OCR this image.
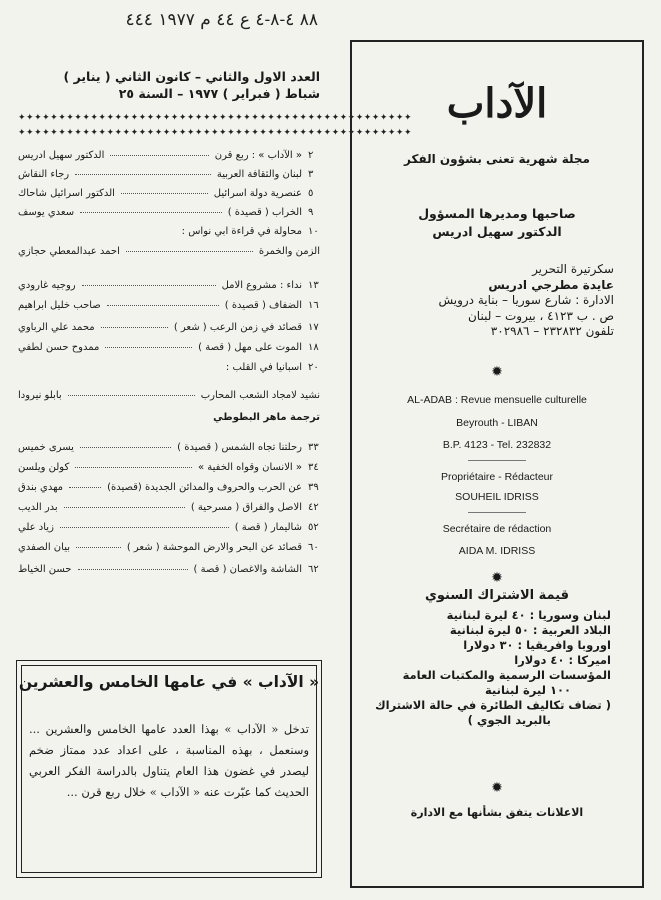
٨٨ ٤-٨-٤ ع ٤٤ م ١٩٧٧ ٤٤٤
العدد الاول والثاني – كانون الثاني ( يناير )
شباط ( فبراير ) ١٩٧٧ – السنة ٢٥
✦✦✦✦✦✦✦✦✦✦✦✦✦✦✦✦✦✦✦✦✦✦✦✦✦✦✦✦✦✦✦✦✦✦✦✦✦✦✦✦✦✦✦✦✦✦✦✦✦
✦✦✦✦✦✦✦✦✦✦✦✦✦✦✦✦✦✦✦✦✦✦✦✦✦✦✦✦✦✦✦✦✦✦✦✦✦✦✦✦✦✦✦✦✦✦✦✦✦
٢
« الآداب » : ربع قرن
الدكتور سهيل ادريس
٣
لبنان والثقافة العربية
رجاء النقاش
٥
عنصرية دولة اسرائيل
الدكتور اسرائيل شاحاك
٩
الخراب ( قصيدة )
سعدي يوسف
١٠
محاولة في قراءة ابي نواس :
الزمن والخمرة
احمد عبدالمعطي حجازي
١٣
نداء : مشروع الامل
روجيه غارودي
١٦
الضفاف ( قصيدة )
صاحب خليل ابراهيم
١٧
قصائد في زمن الرعب ( شعر )
محمد علي الرباوي
١٨
الموت على مهل ( قصة )
ممدوح حسن لطفي
٢٠
اسبانيا في القلب :
نشيد لامجاد الشعب المحارب
بابلو نيرودا
ترجمة ماهر البطوطي
٣٣
رحلتنا تجاه الشمس ( قصيدة )
يسرى خميس
٣٤
« الانسان وقواه الخفية »
كولن ويلسن
٣٩
عن الحرب والحروف والمدائن الجديدة (قصيدة)
مهدي بندق
٤٢
الاصل والفراق ( مسرحية )
بدر الديب
٥٢
شاليمار ( قصة )
زياد علي
٦٠
قصائد عن البحر والارض الموحشة ( شعر )
بيان الصفدي
٦٢
الشاشة والاغصان ( قصة )
حسن الخياط
« الآداب » في عامها الخامس والعشرين
تدخل « الآداب » بهذا العدد عامها الخامس والعشرين ... وسنعمل ، بهذه المناسبة ، على اعداد عدد ممتاز ضخم ليصدر في غضون هذا العام يتناول بالدراسة الفكر العربي الحديث كما عبّرت عنه « الآداب » خلال ربع قرن ...
الآداب
مجلة شهرية تعنى بشؤون الفكر
صاحبها ومديرها المسؤول
الدكتور سهيل ادريس
سكرتيرة التحرير
عايدة مطرجي ادريس
الادارة : شارع سوريا – بناية درويش
ص . ب ٤١٢٣ ، بيروت – لبنان
تلفون ٢٣٢٨٣٢ – ٣٠٢٩٨٦
✹
AL-ADAB : Revue mensuelle culturelle
Beyrouth - LIBAN
B.P. 4123 - Tel. 232832
Propriétaire - Rédacteur
SOUHEIL IDRISS
Secrétaire de rédaction
AIDA M. IDRISS
✹
قيمة الاشتراك السنوي
لبنان وسوريا : ٤٠ ليرة لبنانية
البلاد العربية : ٥٠ ليرة لبنانية
اوروبا وافريقيا : ٣٠ دولارا
اميركا : ٤٠ دولارا
المؤسسات الرسمية والمكتبات العامة
١٠٠ ليرة لبنانية
( تضاف تكاليف الطائرة في حالة الاشتراك
بالبريد الجوي )
✹
الاعلانات يتفق بشأنها مع الادارة
